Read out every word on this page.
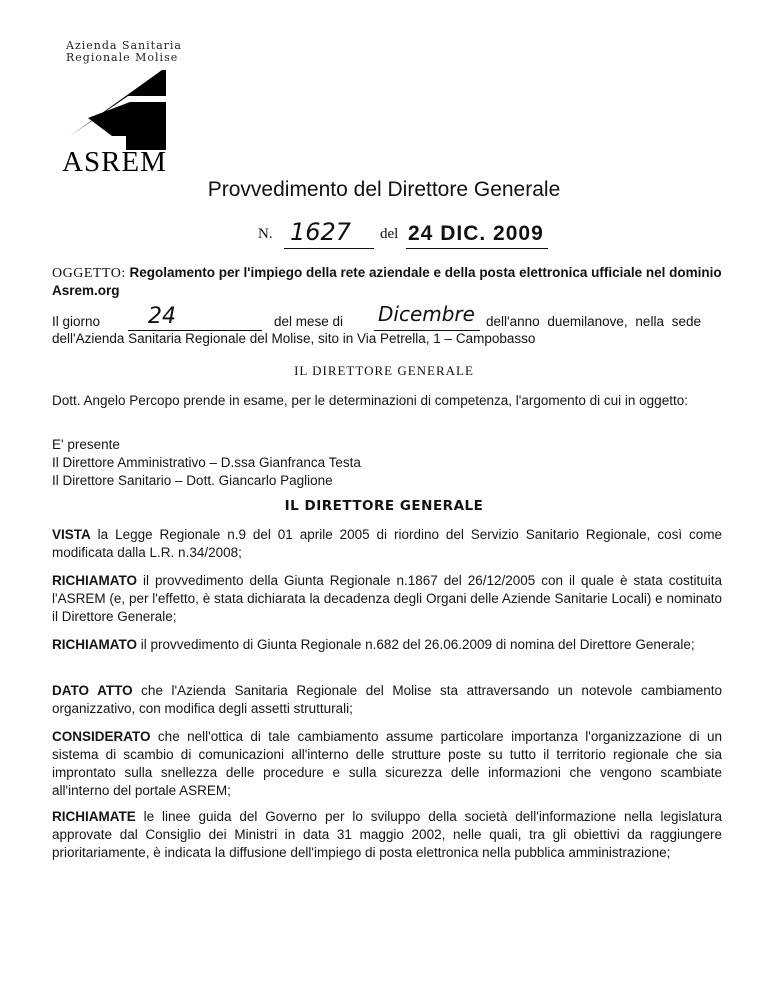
Azienda Sanitaria
Regionale Molise
ASREM
Provvedimento del Direttore Generale
N. 1627 del 24 DIC. 2009
OGGETTO: Regolamento per l'impiego della rete aziendale e della posta elettronica ufficiale nel dominio Asrem.org
Il giorno 24	del mese di Dicembre dell'anno duemilanove, nella sede
dell'Azienda Sanitaria Regionale del Molise, sito in Via Petrella, 1 – Campobasso
IL DIRETTORE GENERALE
Dott. Angelo Percopo prende in esame, per le determinazioni di competenza, l'argomento di cui in oggetto:
E' presente
Il Direttore Amministrativo – D.ssa Gianfranca Testa
Il Direttore Sanitario – Dott. Giancarlo Paglione
IL DIRETTORE GENERALE
VISTA la Legge Regionale n.9 del 01 aprile 2005 di riordino del Servizio Sanitario Regionale, così come modificata dalla L.R. n.34/2008;
RICHIAMATO il provvedimento della Giunta Regionale n.1867 del 26/12/2005 con il quale è stata costituita l'ASREM (e, per l'effetto, è stata dichiarata la decadenza degli Organi delle Aziende Sanitarie Locali) e nominato il Direttore Generale;
RICHIAMATO il provvedimento di Giunta Regionale n.682 del 26.06.2009 di nomina del Direttore Generale;
DATO ATTO che l'Azienda Sanitaria Regionale del Molise sta attraversando un notevole cambiamento organizzativo, con modifica degli assetti strutturali;
CONSIDERATO che nell'ottica di tale cambiamento assume particolare importanza l'organizzazione di un sistema di scambio di comunicazioni all'interno delle strutture poste su tutto il territorio regionale che sia improntato sulla snellezza delle procedure e sulla sicurezza delle informazioni che vengono scambiate all'interno del portale ASREM;
RICHIAMATE le linee guida del Governo per lo sviluppo della società dell'informazione nella legislatura approvate dal Consiglio dei Ministri in data 31 maggio 2002, nelle quali, tra gli obiettivi da raggiungere prioritariamente, è indicata la diffusione dell'impiego di posta elettronica nella pubblica amministrazione;
